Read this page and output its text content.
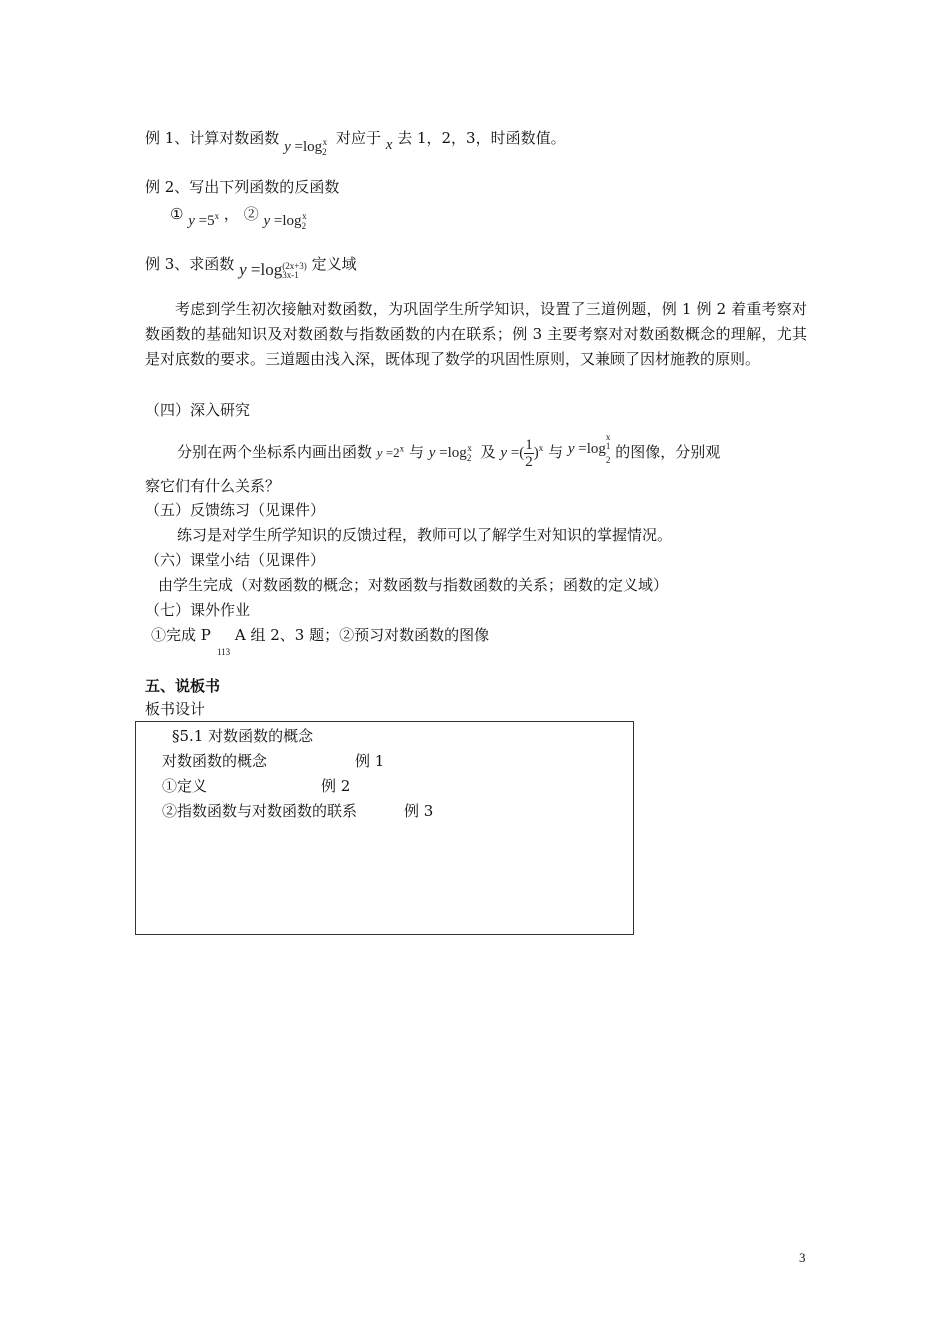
例 1、计算对数函数 $y =\log_2^x$ 对应于 x 去 1，2，3，时函数值。
例 2、写出下列函数的反函数
① $y =5^x$ ， ② $y =\log_2^x$
例 3、求函数 y =log (2x+3)
3x-1
定义域
考虑到学生初次接触对数函数，为巩固学生所学知识，设置了三道例题，例 1 例 2 着重考察对数函数的基础知识及对数函数与指数函数的内在联系；例 3 主要考察对对数函数概念的理解，尤其是对底数的要求。三道题由浅入深，既体现了数学的巩固性原则，又兼顾了因材施教的原则。
（四）深入研究
分别在两个坐标系内画出函数 $y =2^x$ 与 $y =\log_2^x$ 及 y =( $\frac{1}{2} )^x$ 与 y =log
x
1
2 的图像，分别观
察它们有什么关系？
（五）反馈练习（见课件）
练习是对学生所学知识的反馈过程，教师可以了解学生对知识的掌握情况。
（六）课堂小结（见课件）
由学生完成（对数函数的概念；对数函数与指数函数的关系；函数的定义域）
（七）课外作业
①完成 P A 组 2、3 题；②预习对数函数的图像
113
五、说板书
板书设计
§5.1 对数函数的概念
对数函数的概念	例 1
①定义	例 2
②指数函数与对数函数的联系	例 3
3
